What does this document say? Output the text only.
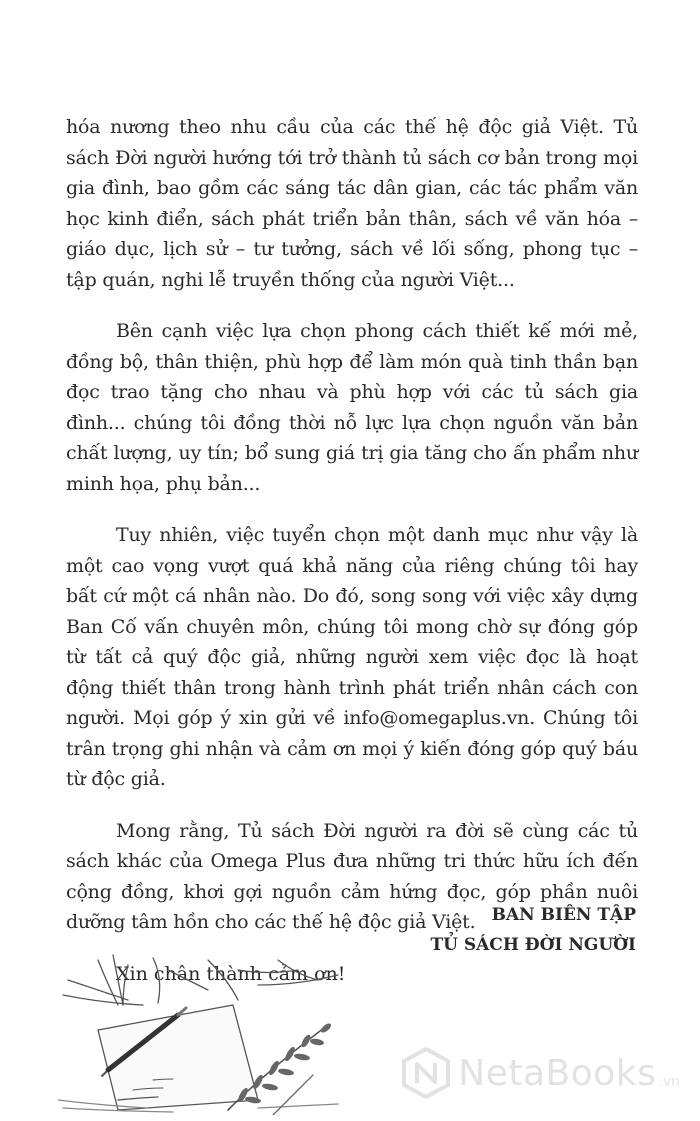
hóa nương theo nhu cầu của các thế hệ độc giả Việt. Tủ sách Đời người hướng tới trở thành tủ sách cơ bản trong mọi gia đình, bao gồm các sáng tác dân gian, các tác phẩm văn học kinh điển, sách phát triển bản thân, sách về văn hóa – giáo dục, lịch sử – tư tưởng, sách về lối sống, phong tục – tập quán, nghi lễ truyền thống của người Việt...

Bên cạnh việc lựa chọn phong cách thiết kế mới mẻ, đồng bộ, thân thiện, phù hợp để làm món quà tinh thần bạn đọc trao tặng cho nhau và phù hợp với các tủ sách gia đình... chúng tôi đồng thời nỗ lực lựa chọn nguồn văn bản chất lượng, uy tín; bổ sung giá trị gia tăng cho ấn phẩm như minh họa, phụ bản...

Tuy nhiên, việc tuyển chọn một danh mục như vậy là một cao vọng vượt quá khả năng của riêng chúng tôi hay bất cứ một cá nhân nào. Do đó, song song với việc xây dựng Ban Cố vấn chuyên môn, chúng tôi mong chờ sự đóng góp từ tất cả quý độc giả, những người xem việc đọc là hoạt động thiết thân trong hành trình phát triển nhân cách con người. Mọi góp ý xin gửi về info@omegaplus.vn. Chúng tôi trân trọng ghi nhận và cảm ơn mọi ý kiến đóng góp quý báu từ độc giả.

Mong rằng, Tủ sách Đời người ra đời sẽ cùng các tủ sách khác của Omega Plus đưa những tri thức hữu ích đến cộng đồng, khơi gợi nguồn cảm hứng đọc, góp phần nuôi dưỡng tâm hồn cho các thế hệ độc giả Việt.

Xin chân thành cảm ơn!

BAN BIÊN TẬP
TỦ SÁCH ĐỜI NGƯỜI
NetaBooks .vn
